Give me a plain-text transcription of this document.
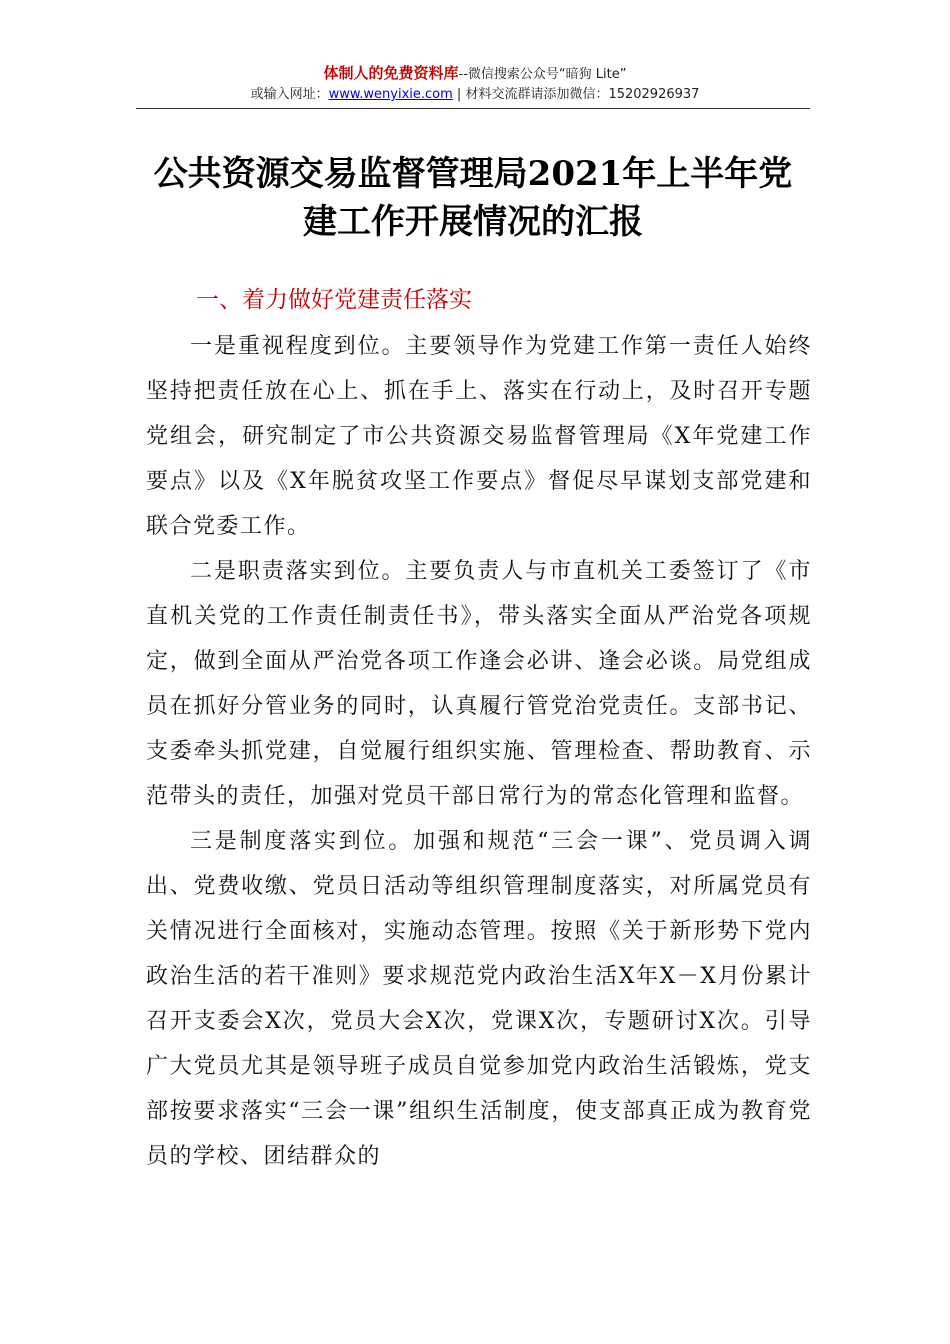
体制人的免费资料库--微信搜索公众号“暗狗 Lite”
或输入网址：www.wenyixie.com | 材料交流群请添加微信：15202926937
公共资源交易监督管理局2021年上半年党
建工作开展情况的汇报
一、着力做好党建责任落实

一是重视程度到位。主要领导作为党建工作第一责任人始终坚持把责任放在心上、抓在手上、落实在行动上，及时召开专题党组会，研究制定了市公共资源交易监督管理局《X年党建工作要点》以及《X年脱贫攻坚工作要点》督促尽早谋划支部党建和联合党委工作。

二是职责落实到位。主要负责人与市直机关工委签订了《市直机关党的工作责任制责任书》，带头落实全面从严治党各项规定，做到全面从严治党各项工作逢会必讲、逢会必谈。局党组成员在抓好分管业务的同时，认真履行管党治党责任。支部书记、支委牵头抓党建，自觉履行组织实施、管理检查、帮助教育、示范带头的责任，加强对党员干部日常行为的常态化管理和监督。

三是制度落实到位。加强和规范“三会一课”、党员调入调出、党费收缴、党员日活动等组织管理制度落实，对所属党员有关情况进行全面核对，实施动态管理。按照《关于新形势下党内政治生活的若干准则》要求规范党内政治生活X年X－X月份累计召开支委会X次，党员大会X次，党课X次，专题研讨X次。引导广大党员尤其是领导班子成员自觉参加党内政治生活锻炼，党支部按要求落实“三会一课”组织生活制度，使支部真正成为教育党员的学校、团结群众的
